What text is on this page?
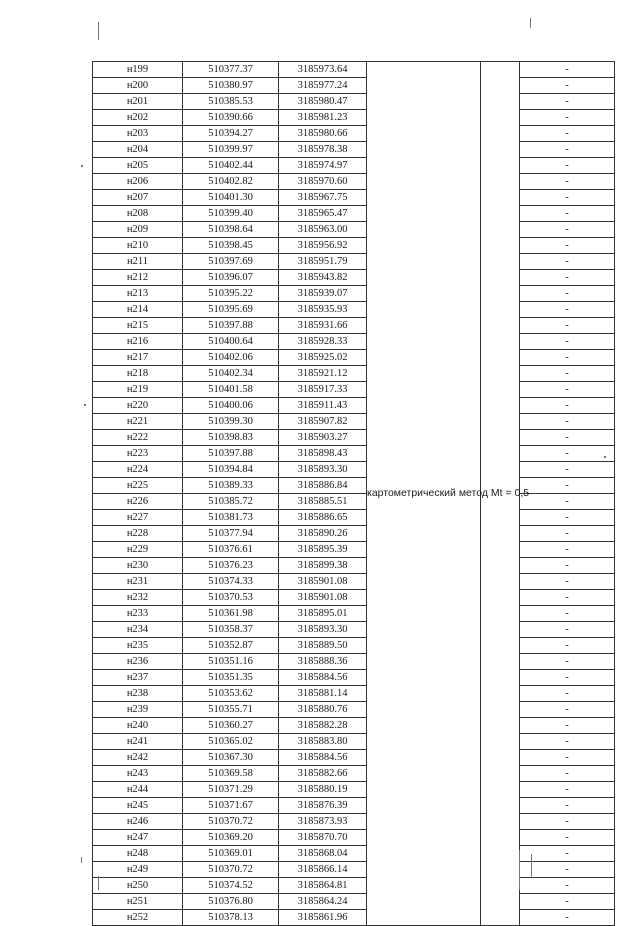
н199	510377.37	3185973.64	картометрический метод Mt = 0,5		-
н200	510380.97	3185977.24			-
н201	510385.53	3185980.47			-
н202	510390.66	3185981.23			-
н203	510394.27	3185980.66			-
н204	510399.97	3185978.38			-
н205	510402.44	3185974.97			-
н206	510402.82	3185970.60			-
н207	510401.30	3185967.75			-
н208	510399.40	3185965.47			-
н209	510398.64	3185963.00			-
н210	510398.45	3185956.92			-
н211	510397.69	3185951.79			-
н212	510396.07	3185943.82			-
н213	510395.22	3185939.07			-
н214	510395.69	3185935.93			-
н215	510397.88	3185931.66			-
н216	510400.64	3185928.33			-
н217	510402.06	3185925.02			-
н218	510402.34	3185921.12			-
н219	510401.58	3185917.33			-
н220	510400.06	3185911.43			-
н221	510399.30	3185907.82			-
н222	510398.83	3185903.27			-
н223	510397.88	3185898.43			-
н224	510394.84	3185893.30			-
н225	510389.33	3185886.84			-
н226	510385.72	3185885.51			-
н227	510381.73	3185886.65			-
н228	510377.94	3185890.26			-
н229	510376.61	3185895.39			-
н230	510376.23	3185899.38			-
н231	510374.33	3185901.08			-
н232	510370.53	3185901.08			-
н233	510361.98	3185895.01			-
н234	510358.37	3185893.30			-
н235	510352.87	3185889.50			-
н236	510351.16	3185888.36			-
н237	510351.35	3185884.56			-
н238	510353.62	3185881.14			-
н239	510355.71	3185880.76			-
н240	510360.27	3185882.28			-
н241	510365.02	3185883.80			-
н242	510367.30	3185884.56			-
н243	510369.58	3185882.66			-
н244	510371.29	3185880.19			-
н245	510371.67	3185876.39			-
н246	510370.72	3185873.93			-
н247	510369.20	3185870.70			-
н248	510369.01	3185868.04			-
н249	510370.72	3185866.14			-
н250	510374.52	3185864.81			-
н251	510376.80	3185864.24			-
н252	510378.13	3185861.96			-
